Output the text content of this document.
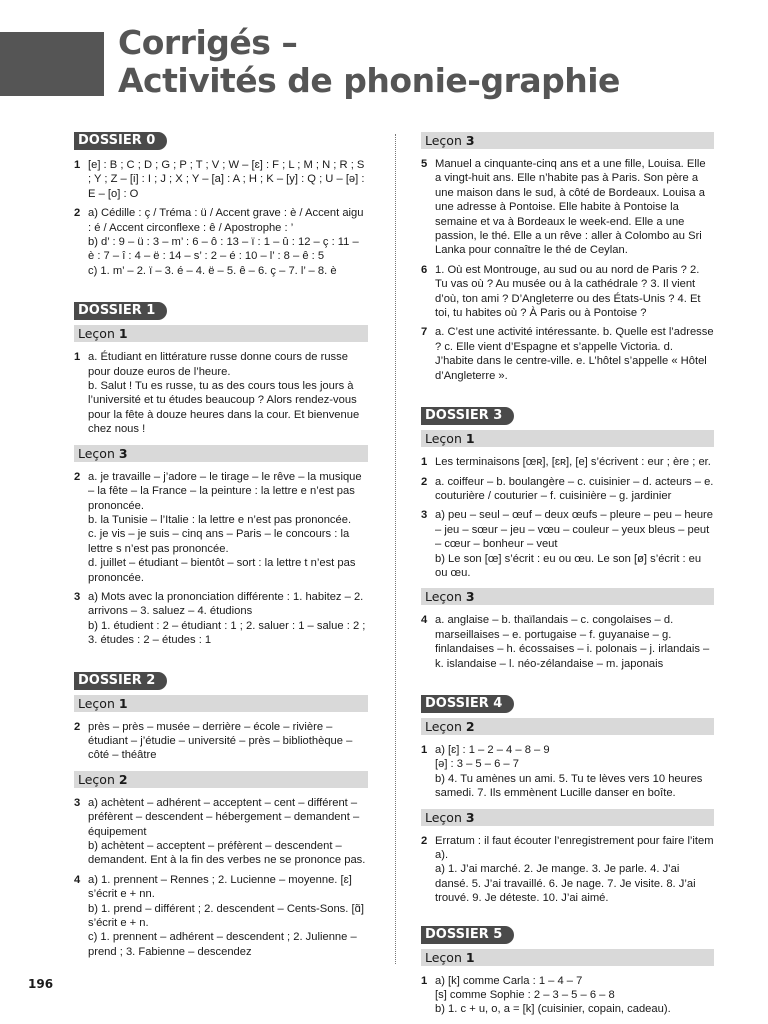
Corrigés –
Activités de phonie-graphie
DOSSIER 0
1 [e] : B ; C ; D ; G ; P ; T ; V ; W – [ɛ] : F ; L ; M ; N ; R ; S ; Y ; Z – [i] : I ; J ; X ; Y – [a] : A ; H ; K – [y] : Q ; U – [ə] : E – [o] : O
2 a) Cédille : ç / Tréma : ü / Accent grave : è / Accent aigu : é / Accent circonflexe : ê / Apostrophe : ’
b) d’ : 9 – ü : 3 – m’ : 6 – ô : 13 – ï : 1 – û : 12 – ç : 11 – è : 7 – î : 4 – ë : 14 – s’ : 2 – é : 10 – l’ : 8 – ê : 5
c) 1. m’ – 2. ï – 3. é – 4. ë – 5. ê – 6. ç – 7. l’ – 8. è
DOSSIER 1
Leçon 1
1 a. Étudiant en littérature russe donne cours de russe pour douze euros de l’heure.
b. Salut ! Tu es russe, tu as des cours tous les jours à l’université et tu études beaucoup ? Alors rendez-vous pour la fête à douze heures dans la cour. Et bienvenue chez nous !
Leçon 3
2 a. je travaille – j’adore – le tirage – le rêve – la musique – la fête – la France – la peinture : la lettre e n’est pas prononcée.
b. la Tunisie – l’Italie : la lettre e n’est pas prononcée.
c. je vis – je suis – cinq ans – Paris – le concours : la lettre s n’est pas prononcée.
d. juillet – étudiant – bientôt – sort : la lettre t n’est pas prononcée.
3 a) Mots avec la prononciation différente : 1. habitez – 2. arrivons – 3. saluez – 4. étudions
b) 1. étudient : 2 – étudiant : 1 ; 2. saluer : 1 – salue : 2 ; 3. études : 2 – études : 1
DOSSIER 2
Leçon 1
2 près – près – musée – derrière – école – rivière – étudiant – j’étudie – université – près – bibliothèque – côté – théâtre
Leçon 2
3 a) achètent – adhérent – acceptent – cent – différent – préfèrent – descendent – hébergement – demandent – équipement
b) achètent – acceptent – préfèrent – descendent – demandent. Ent à la fin des verbes ne se prononce pas.
4 a) 1. prennent – Rennes ; 2. Lucienne – moyenne. [ɛ] s’écrit e + nn.
b) 1. prend – différent ; 2. descendent – Cents-Sons. [ɑ̃] s’écrit e + n.
c) 1. prennent – adhérent – descendent ; 2. Julienne – prend ; 3. Fabienne – descendez
Leçon 3
5 Manuel a cinquante-cinq ans et a une fille, Louisa. Elle a vingt-huit ans. Elle n’habite pas à Paris. Son père a une maison dans le sud, à côté de Bordeaux. Louisa a une adresse à Pontoise. Elle habite à Pontoise la semaine et va à Bordeaux le week-end. Elle a une passion, le thé. Elle a un rêve : aller à Colombo au Sri Lanka pour connaître le thé de Ceylan.
6 1. Où est Montrouge, au sud ou au nord de Paris ? 2. Tu vas où ? Au musée ou à la cathédrale ? 3. Il vient d’où, ton ami ? D’Angleterre ou des États-Unis ? 4. Et toi, tu habites où ? À Paris ou à Pontoise ?
7 a. C’est une activité intéressante. b. Quelle est l’adresse ? c. Elle vient d’Espagne et s’appelle Victoria. d. J’habite dans le centre-ville. e. L’hôtel s’appelle « Hôtel d’Angleterre ».
DOSSIER 3
Leçon 1
1 Les terminaisons [œʀ], [ɛʀ], [e] s’écrivent : eur ; ère ; er.
2 a. coiffeur – b. boulangère – c. cuisinier – d. acteurs – e. couturière / couturier – f. cuisinière – g. jardinier
3 a) peu – seul – œuf – deux œufs – pleure – peu – heure – jeu – sœur – jeu – vœu – couleur – yeux bleus – peut – cœur – bonheur – veut
b) Le son [œ] s’écrit : eu ou œu. Le son [ø] s’écrit : eu ou œu.
Leçon 3
4 a. anglaise – b. thaïlandais – c. congolaises – d. marseillaises – e. portugaise – f. guyanaise – g. finlandaises – h. écossaises – i. polonais – j. irlandais – k. islandaise – l. néo-zélandaise – m. japonais
DOSSIER 4
Leçon 2
1 a) [ɛ] : 1 – 2 – 4 – 8 – 9
[ə] : 3 – 5 – 6 – 7
b) 4. Tu amènes un ami. 5. Tu te lèves vers 10 heures samedi. 7. Ils emmènent Lucille danser en boîte.
Leçon 3
2 Erratum : il faut écouter l’enregistrement pour faire l’item a).
a) 1. J’ai marché. 2. Je mange. 3. Je parle. 4. J’ai dansé. 5. J’ai travaillé. 6. Je nage. 7. Je visite. 8. J’ai trouvé. 9. Je déteste. 10. J’ai aimé.
DOSSIER 5
Leçon 1
1 a) [k] comme Carla : 1 – 4 – 7
[s] comme Sophie : 2 – 3 – 5 – 6 – 8
b) 1. c + u, o, a = [k] (cuisinier, copain, cadeau).
196
